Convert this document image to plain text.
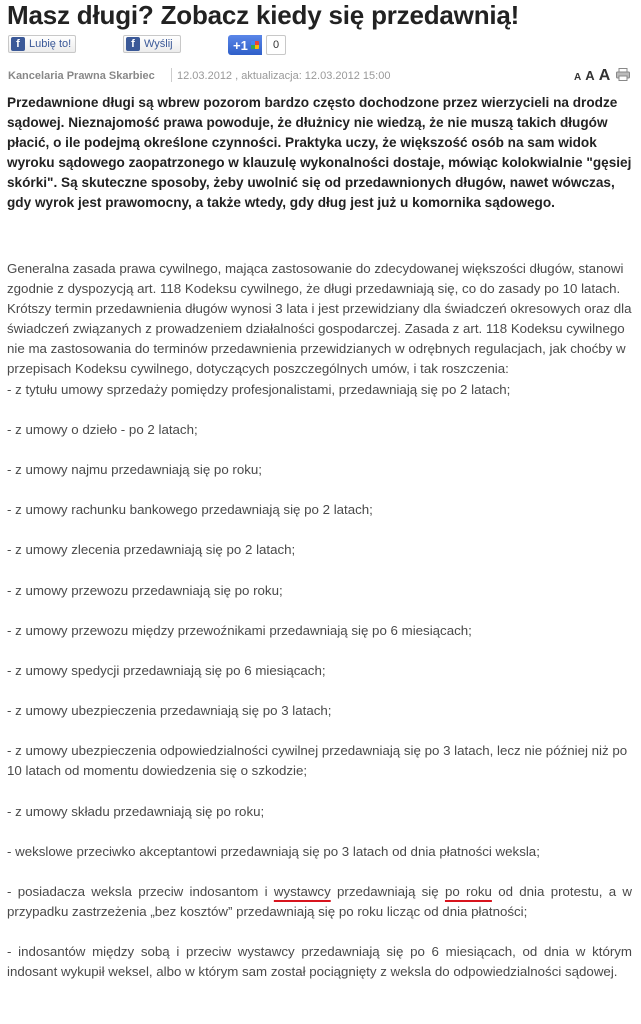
Masz długi? Zobacz kiedy się przedawnią!
f Lubię to!	f Wyślij	+1	0
Kancelaria Prawna Skarbiec 12.03.2012 , aktualizacja: 12.03.2012 15:00	A A A

Przedawnione długi są wbrew pozorom bardzo często dochodzone przez wierzycieli na drodze sądowej. Nieznajomość prawa powoduje, że dłużnicy nie wiedzą, że nie muszą takich długów płacić, o ile podejmą określone czynności. Praktyka uczy, że większość osób na sam widok wyroku sądowego zaopatrzonego w klauzulę wykonalności dostaje, mówiąc kolokwialnie "gęsiej skórki". Są skuteczne sposoby, żeby uwolnić się od przedawnionych długów, nawet wówczas, gdy wyrok jest prawomocny, a także wtedy, gdy dług jest już u komornika sądowego.

Generalna zasada prawa cywilnego, mająca zastosowanie do zdecydowanej większości długów, stanowi zgodnie z dyspozycją art. 118 Kodeksu cywilnego, że długi przedawniają się, co do zasady po 10 latach. Krótszy termin przedawnienia długów wynosi 3 lata i jest przewidziany dla świadczeń okresowych oraz dla świadczeń związanych z prowadzeniem działalności gospodarczej. Zasada z art. 118 Kodeksu cywilnego nie ma zastosowania do terminów przedawnienia przewidzianych w odrębnych regulacjach, jak choćby w przepisach Kodeksu cywilnego, dotyczących poszczególnych umów, i tak roszczenia:

- z tytułu umowy sprzedaży pomiędzy profesjonalistami, przedawniają się po 2 latach;

- z umowy o dzieło - po 2 latach;

- z umowy najmu przedawniają się po roku;

- z umowy rachunku bankowego przedawniają się po 2 latach;

- z umowy zlecenia przedawniają się po 2 latach;

- z umowy przewozu przedawniają się po roku;

- z umowy przewozu między przewoźnikami przedawniają się po 6 miesiącach;

- z umowy spedycji przedawniają się po 6 miesiącach;

- z umowy ubezpieczenia przedawniają się po 3 latach;

- z umowy ubezpieczenia odpowiedzialności cywilnej przedawniają się po 3 latach, lecz nie później niż po 10 latach od momentu dowiedzenia się o szkodzie;

- z umowy składu przedawniają się po roku;

- wekslowe przeciwko akceptantowi przedawniają się po 3 latach od dnia płatności weksla;

- posiadacza weksla przeciw indosantom i wystawcy przedawniają się po roku od dnia protestu, a w przypadku zastrzeżenia „bez kosztów” przedawniają się po roku licząc od dnia płatności;

- indosantów między sobą i przeciw wystawcy przedawniają się po 6 miesiącach, od dnia w którym indosant wykupił weksel, albo w którym sam został pociągnięty z weksla do odpowiedzialności sądowej.
